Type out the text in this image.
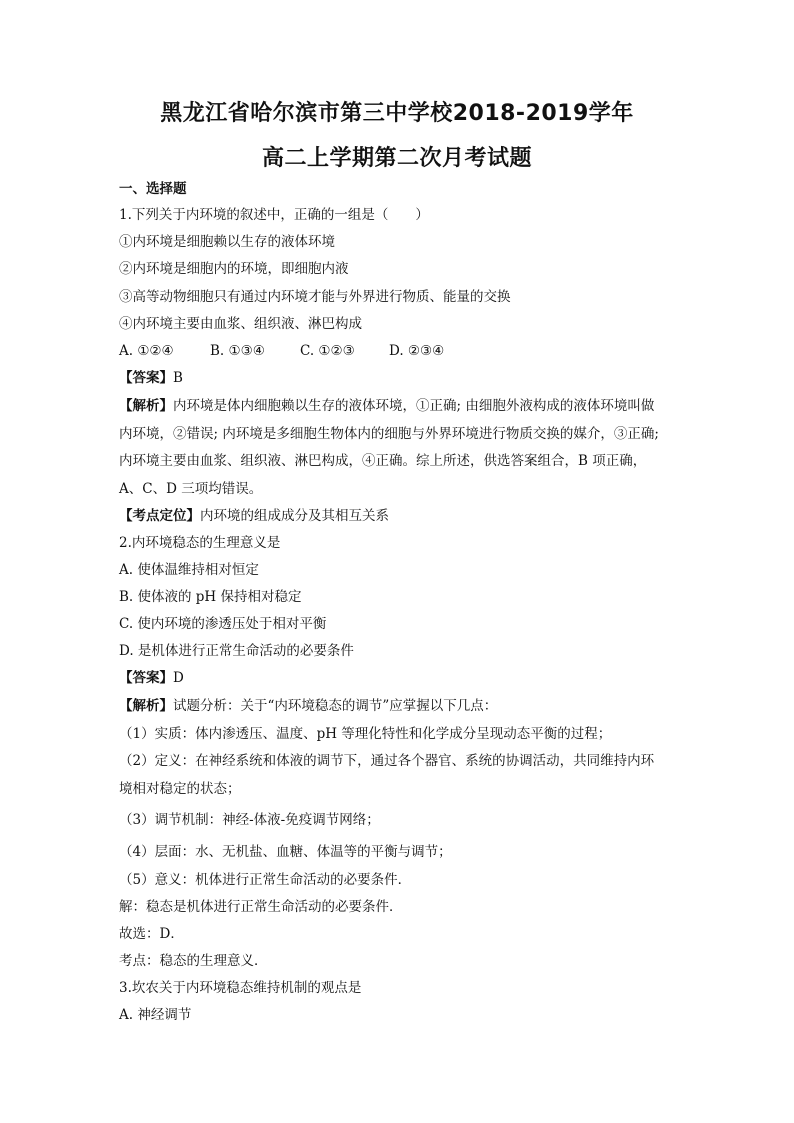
黑龙江省哈尔滨市第三中学校2018-2019学年
高二上学期第二次月考试题
一、选择题
1.下列关于内环境的叙述中，正确的一组是（　　）
①内环境是细胞赖以生存的液体环境
②内环境是细胞内的环境，即细胞内液
③高等动物细胞只有通过内环境才能与外界进行物质、能量的交换
④内环境主要由血浆、组织液、淋巴构成
A. ①②④	B. ①③④	C. ①②③	D. ②③④
【答案】B
【解析】内环境是体内细胞赖以生存的液体环境，①正确; 由细胞外液构成的液体环境叫做
内环境，②错误; 内环境是多细胞生物体内的细胞与外界环境进行物质交换的媒介，③正确;
内环境主要由血浆、组织液、淋巴构成，④正确。综上所述，供选答案组合，B 项正确，
A、C、D 三项均错误。
【考点定位】内环境的组成成分及其相互关系
2.内环境稳态的生理意义是
A. 使体温维持相对恒定
B. 使体液的 pH 保持相对稳定
C. 使内环境的渗透压处于相对平衡
D. 是机体进行正常生命活动的必要条件
【答案】D
【解析】试题分析：关于“内环境稳态的调节”应掌握以下几点：
（1）实质：体内渗透压、温度、pH 等理化特性和化学成分呈现动态平衡的过程；
（2）定义：在神经系统和体液的调节下，通过各个器官、系统的协调活动，共同维持内环
境相对稳定的状态；
（3）调节机制：神经-体液-免疫调节网络；
（4）层面：水、无机盐、血糖、体温等的平衡与调节；
（5）意义：机体进行正常生命活动的必要条件．
解：稳态是机体进行正常生命活动的必要条件．
故选：D．
考点：稳态的生理意义．
3.坎农关于内环境稳态维持机制的观点是
A. 神经调节
